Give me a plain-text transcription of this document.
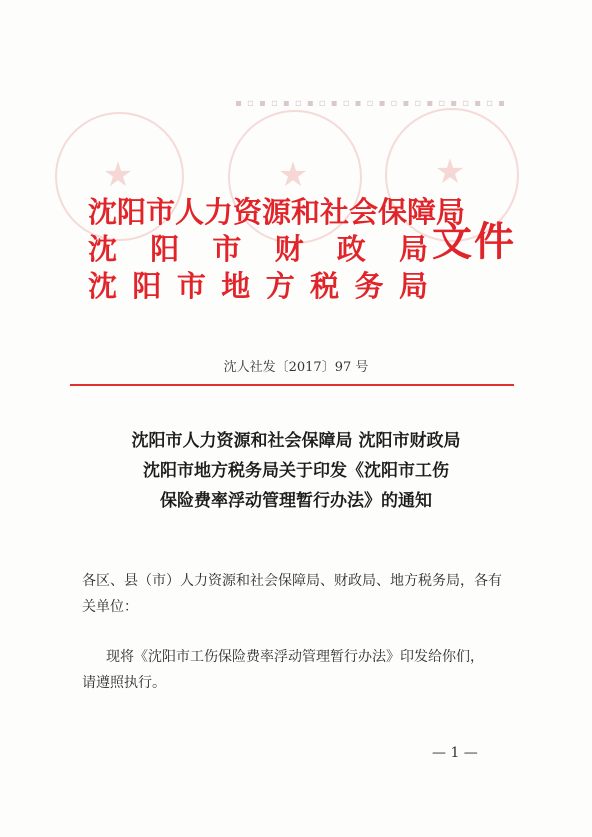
▪ ▫ ▪ ▫ ▪ ▫ ▪ ▫ ▪ ▫ ▪ ▫ ▪ ▫ ▪ ▫ ▪ ▫ ▪ ▫ ▪ ▫ ▪
★	★	★
沈阳市人力资源和社会保障局
沈 阳 市 财 政 局
沈 阳 市 地 方 税 务 局
文件
沈人社发〔2017〕97 号
沈阳市人力资源和社会保障局 沈阳市财政局
沈阳市地方税务局关于印发《沈阳市工伤
保险费率浮动管理暂行办法》的通知
各区、县（市）人力资源和社会保障局、财政局、地方税务局，各有
关单位：
现将《沈阳市工伤保险费率浮动管理暂行办法》印发给你们，
请遵照执行。
— 1 —
